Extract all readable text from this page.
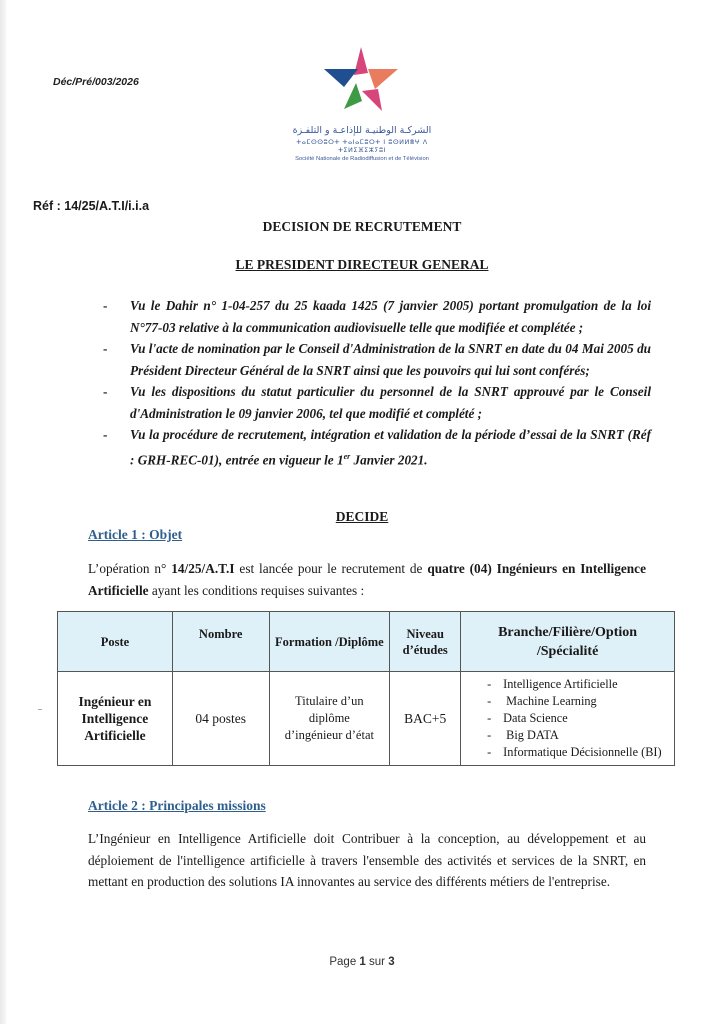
Déc/Pré/003/2026
الشركـة الوطنيـة للإذاعـة و التلفـزة
ⵜⴰⵎⵙⵙⵓⵔⵜ ⵜⴰⵏⴰⵎⵓⵔⵜ ⵏ ⵓⵙⵍⵍⴻⵖ ⴷ ⵜⵉⵍⵉⴼⵉⵣⵢⵓⵏ
Société Nationale de Radiodiffusion et de Télévision
Réf : 14/25/A.T.I/i.i.a
DECISION DE RECRUTEMENT
LE PRESIDENT DIRECTEUR GENERAL
- Vu le Dahir n° 1-04-257 du 25 kaada 1425 (7 janvier 2005) portant promulgation de la loi N°77-03 relative à la communication audiovisuelle telle que modifiée et complétée ;
- Vu l'acte de nomination par le Conseil d'Administration de la SNRT en date du 04 Mai 2005 du Président Directeur Général de la SNRT ainsi que les pouvoirs qui lui sont conférés;
- Vu les dispositions du statut particulier du personnel de la SNRT approuvé par le Conseil d'Administration le 09 janvier 2006, tel que modifié et complété ;
- Vu la procédure de recrutement, intégration et validation de la période d’essai de la SNRT (Réf : GRH-REC-01), entrée en vigueur le 1er Janvier 2021.
DECIDE
Article 1 : Objet
L’opération n° 14/25/A.T.I est lancée pour le recrutement de quatre (04) Ingénieurs en Intelligence Artificielle ayant les conditions requises suivantes :
Poste	Nombre	Formation /Diplôme	Niveau d’études	Branche/Filière/Option /Spécialité
Ingénieur en Intelligence Artificielle	04 postes	Titulaire d’un diplôme d’ingénieur d’état	BAC+5	
- Intelligence Artificielle
- Machine Learning
- Data Science
- Big DATA
- Informatique Décisionnelle (BI)
Article 2 : Principales missions
L’Ingénieur en Intelligence Artificielle doit Contribuer à la conception, au développement et au déploiement de l'intelligence artificielle à travers l'ensemble des activités et services de la SNRT, en mettant en production des solutions IA innovantes au service des différents métiers de l'entreprise.
Page 1 sur 3
